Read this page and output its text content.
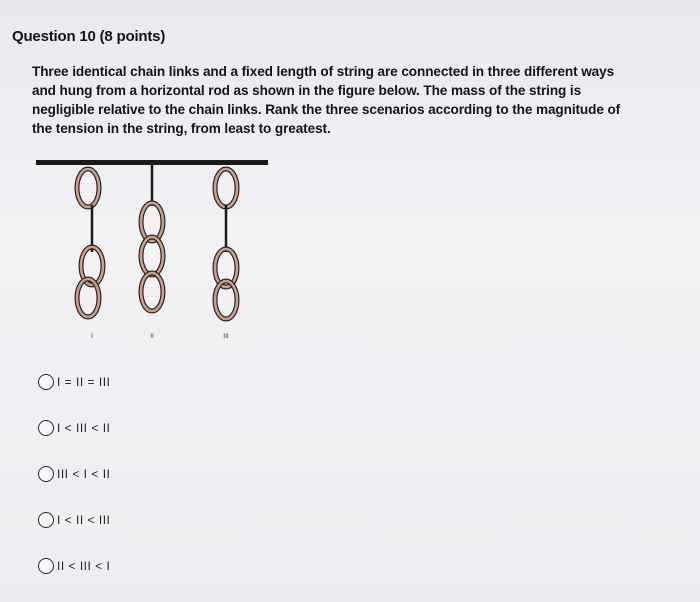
Question 10 (8 points)
Three identical chain links and a fixed length of string are connected in three different ways and hung from a horizontal rod as shown in the figure below. The mass of the string is negligible relative to the chain links. Rank the three scenarios according to the magnitude of the tension in the string, from least to greatest.
I	II	III
I = II = III
I < III < II
III < I < II
I < II < III
II < III < I
